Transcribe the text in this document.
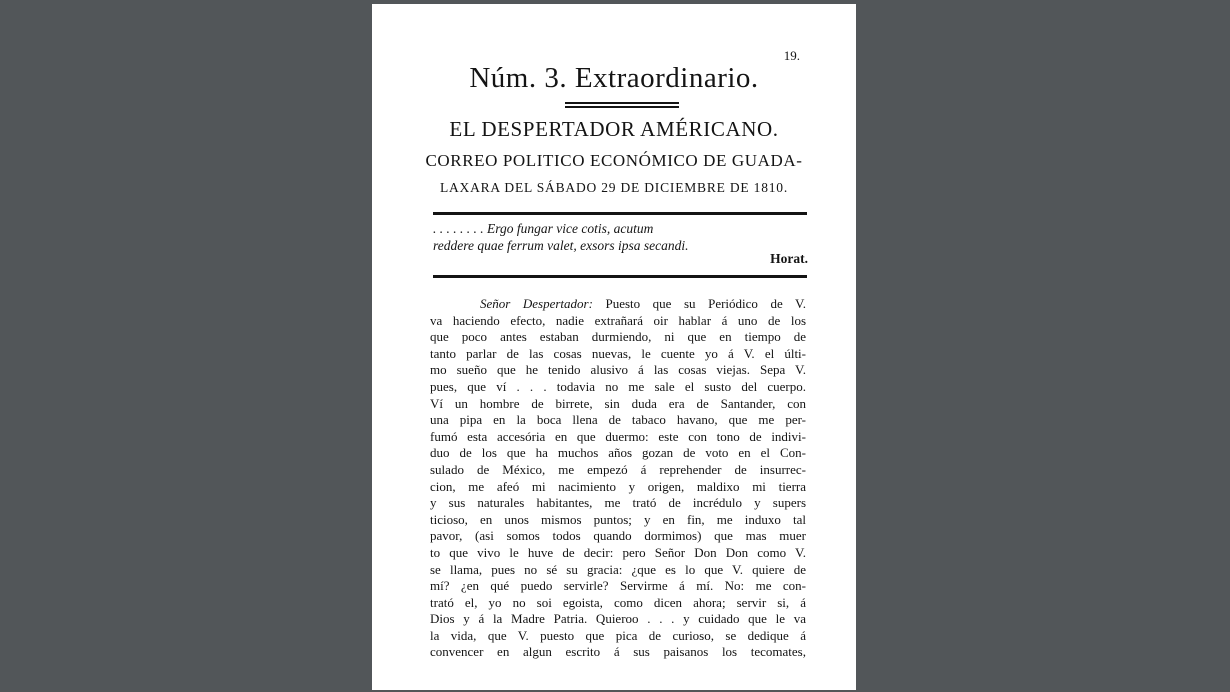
19.
Núm. 3. Extraordinario.
EL DESPERTADOR AMÉRICANO.
CORREO POLITICO ECONÓMICO DE GUADA-
LAXARA DEL SÁBADO 29 DE DICIEMBRE DE 1810.
. . . . . . . . Ergo fungar vice cotis, acutum
reddere quae ferrum valet, exsors ipsa secandi.
Horat.
Señor Despertador: Puesto que su Periódico de V.
va haciendo efecto, nadie extrañará oir hablar á uno de los
que poco antes estaban durmiendo, ni que en tiempo de
tanto parlar de las cosas nuevas, le cuente yo á V. el últi-
mo sueño que he tenido alusivo á las cosas viejas. Sepa V.
pues, que ví . . . todavia no me sale el susto del cuerpo.
Ví un hombre de birrete, sin duda era de Santander, con
una pipa en la boca llena de tabaco havano, que me per-
fumó esta accesória en que duermo: este con tono de indivi-
duo de los que ha muchos años gozan de voto en el Con-
sulado de México, me empezó á reprehender de insurrec-
cion, me afeó mi nacimiento y origen, maldixo mi tierra
y sus naturales habitantes, me trató de incrédulo y supers
ticioso, en unos mismos puntos; y en fin, me induxo tal
pavor, (asi somos todos quando dormimos) que mas muer
to que vivo le huve de decir: pero Señor Don Don como V.
se llama, pues no sé su gracia: ¿que es lo que V. quiere de
mí? ¿en qué puedo servirle? Servirme á mí. No: me con-
trató el, yo no soi egoista, como dicen ahora; servir si, á
Dios y á la Madre Patria. Quieroo . . . y cuidado que le va
la vida, que V. puesto que pica de curioso, se dedique á
convencer en algun escrito á sus paisanos los tecomates,
